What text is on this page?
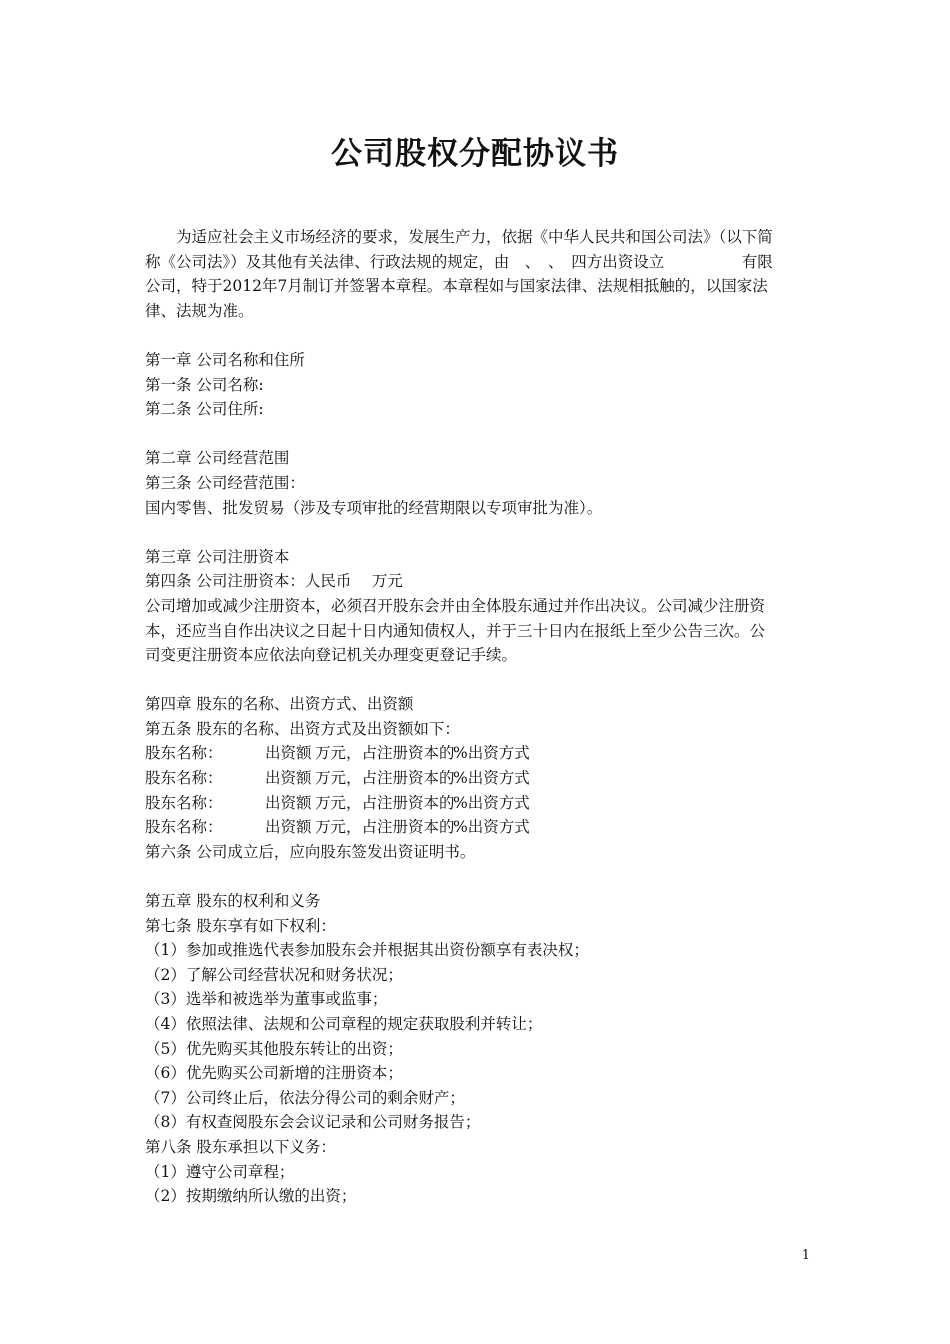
公司股权分配协议书

为适应社会主义市场经济的要求，发展生产力，依据《中华人民共和国公司法》（以下简

称《公司法》）及其他有关法律、行政法规的规定，由　、　、　四方出资设立　　　　　有限

公司，特于2012年7月制订并签署本章程。本章程如与国家法律、法规相抵触的，以国家法

律、法规为准。

第一章 公司名称和住所

第一条 公司名称:

第二条 公司住所:

第二章 公司经营范围

第三条 公司经营范围：

国内零售、批发贸易（涉及专项审批的经营期限以专项审批为准）。

第三章 公司注册资本

第四条 公司注册资本：人民币　 万元

公司增加或减少注册资本，必须召开股东会并由全体股东通过并作出决议。公司减少注册资

本，还应当自作出决议之日起十日内通知债权人，并于三十日内在报纸上至少公告三次。公

司变更注册资本应依法向登记机关办理变更登记手续。

第四章 股东的名称、出资方式、出资额

第五条 股东的名称、出资方式及出资额如下：

股东名称：	出资额 万元，占注册资本的%出资方式
股东名称：	出资额 万元，占注册资本的%出资方式
股东名称：	出资额 万元，占注册资本的%出资方式
股东名称：	出资额 万元，占注册资本的%出资方式

第六条 公司成立后，应向股东签发出资证明书。

第五章 股东的权利和义务

第七条 股东享有如下权利：

（1）参加或推选代表参加股东会并根据其出资份额享有表决权；

（2）了解公司经营状况和财务状况；

（3）选举和被选举为董事或监事；

（4）依照法律、法规和公司章程的规定获取股利并转让；

（5）优先购买其他股东转让的出资；

（6）优先购买公司新增的注册资本；

（7）公司终止后，依法分得公司的剩余财产；

（8）有权查阅股东会会议记录和公司财务报告；

第八条 股东承担以下义务：

（1）遵守公司章程；

（2）按期缴纳所认缴的出资；

1
